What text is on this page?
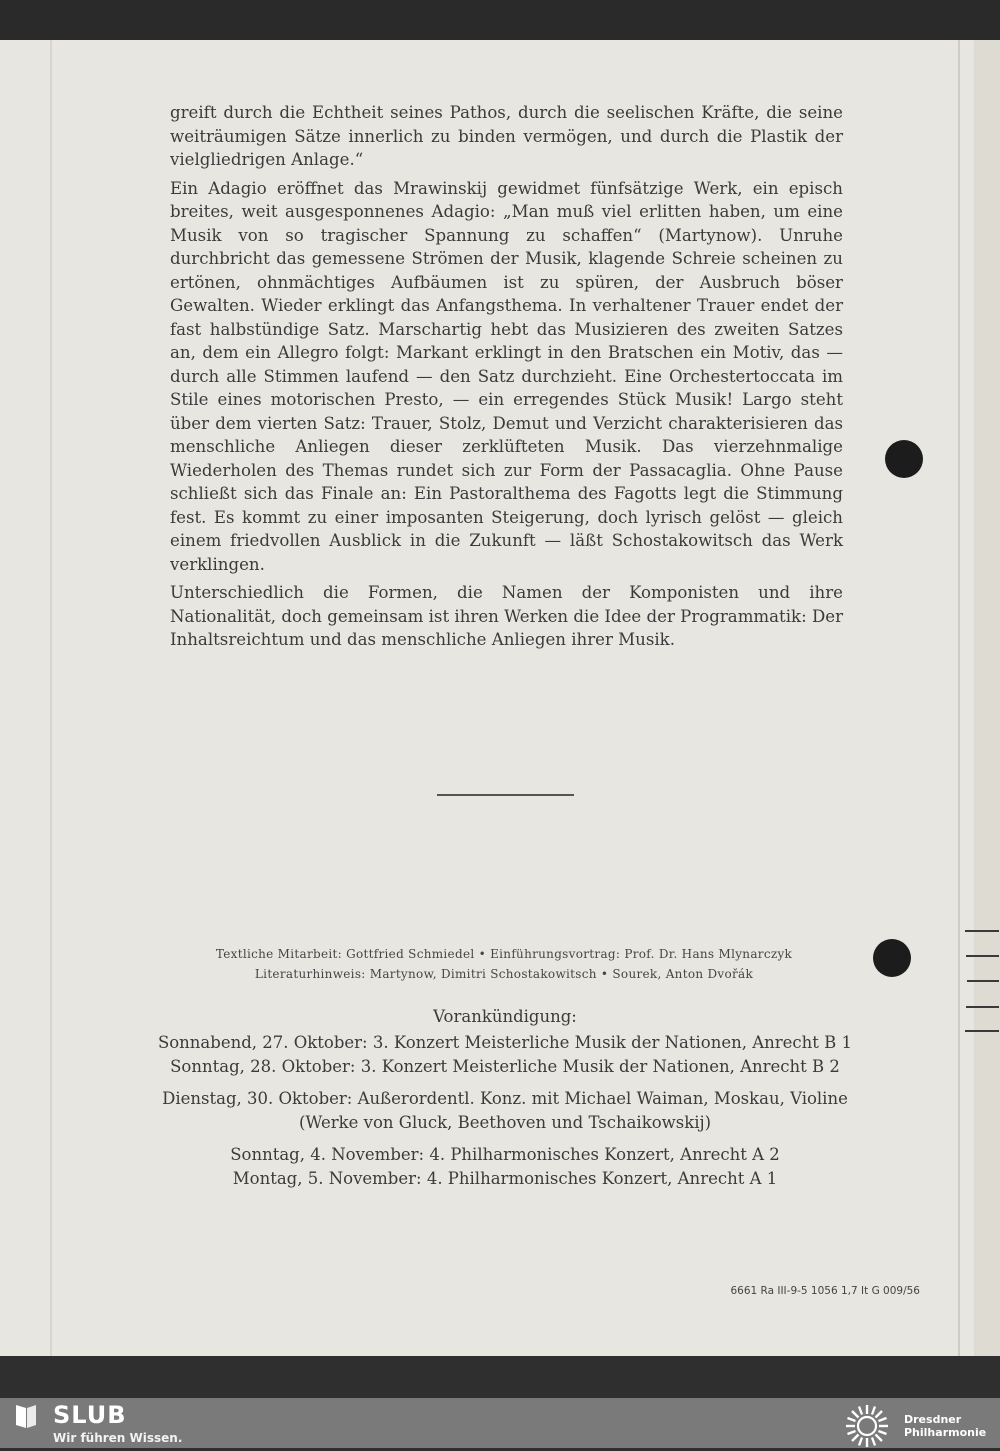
greift durch die Echtheit seines Pathos, durch die seelischen Kräfte, die seine weiträumigen Sätze innerlich zu binden vermögen, und durch die Plastik der vielgliedrigen Anlage.“

Ein Adagio eröffnet das Mrawinskij gewidmet fünfsätzige Werk, ein episch breites, weit ausgesponnenes Adagio: „Man muß viel erlitten haben, um eine Musik von so tragischer Spannung zu schaffen“ (Martynow). Unruhe durchbricht das gemessene Strömen der Musik, klagende Schreie scheinen zu ertönen, ohnmächtiges Aufbäumen ist zu spüren, der Ausbruch böser Gewalten. Wieder erklingt das Anfangsthema. In verhaltener Trauer endet der fast halbstündige Satz. Marschartig hebt das Musizieren des zweiten Satzes an, dem ein Allegro folgt: Markant erklingt in den Bratschen ein Motiv, das — durch alle Stimmen laufend — den Satz durchzieht. Eine Orchestertoccata im Stile eines motorischen Presto, — ein erregendes Stück Musik! Largo steht über dem vierten Satz: Trauer, Stolz, Demut und Verzicht charakterisieren das menschliche Anliegen dieser zerklüfteten Musik. Das vierzehnmalige Wiederholen des Themas rundet sich zur Form der Passacaglia. Ohne Pause schließt sich das Finale an: Ein Pastoralthema des Fagotts legt die Stimmung fest. Es kommt zu einer imposanten Steigerung, doch lyrisch gelöst — gleich einem friedvollen Ausblick in die Zukunft — läßt Schostakowitsch das Werk verklingen.

Unterschiedlich die Formen, die Namen der Komponisten und ihre Nationalität, doch gemeinsam ist ihren Werken die Idee der Programmatik: Der Inhaltsreichtum und das menschliche Anliegen ihrer Musik.

Textliche Mitarbeit: Gottfried Schmiedel • Einführungsvortrag: Prof. Dr. Hans Mlynarczyk
Literaturhinweis: Martynow, Dimitri Schostakowitsch • Sourek, Anton Dvořák
Vorankündigung:
Sonnabend, 27. Oktober: 3. Konzert Meisterliche Musik der Nationen, Anrecht B 1
Sonntag, 28. Oktober: 3. Konzert Meisterliche Musik der Nationen, Anrecht B 2
Dienstag, 30. Oktober: Außerordentl. Konz. mit Michael Waiman, Moskau, Violine
(Werke von Gluck, Beethoven und Tschaikowskij)
Sonntag, 4. November: 4. Philharmonisches Konzert, Anrecht A 2
Montag, 5. November: 4. Philharmonisches Konzert, Anrecht A 1
6661 Ra III-9-5 1056 1,7 It G 009/56
SLUB
Wir führen Wissen.
Dresdner
Philharmonie
